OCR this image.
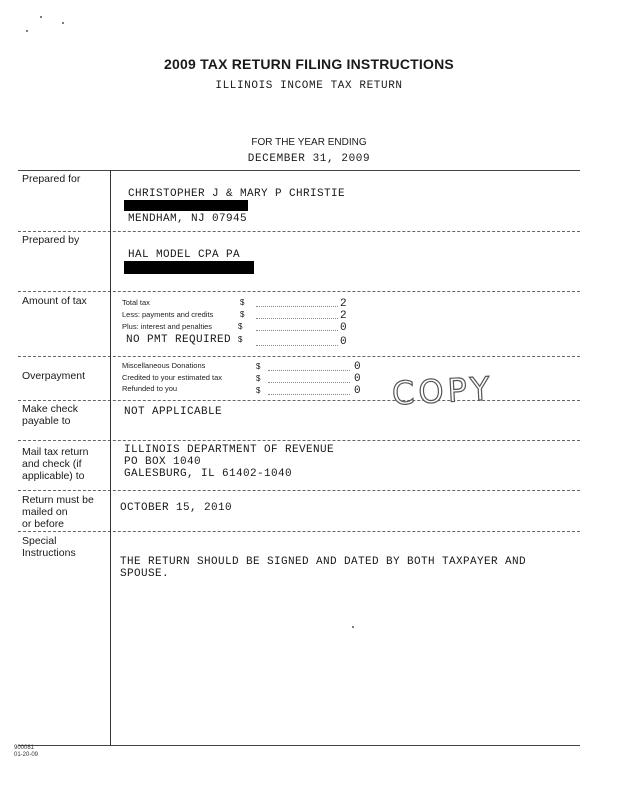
2009 TAX RETURN FILING INSTRUCTIONS
ILLINOIS INCOME TAX RETURN
FOR THE YEAR ENDING
DECEMBER 31, 2009
Prepared for
CHRISTOPHER J & MARY P CHRISTIE
MENDHAM, NJ 07945
Prepared by
HAL MODEL CPA PA
Amount of tax	Total tax	$	2
Less: payments and credits	$	2
Plus: interest and penalties	$	0
NO PMT REQUIRED $	0
Overpayment
Miscellaneous Donations	$	0
Credited to your estimated tax	$	0
Refunded to you	$	0 COPY
Make check
payable to
NOT APPLICABLE
Mail tax return
and check (if
applicable) to
ILLINOIS DEPARTMENT OF REVENUE
PO BOX 1040
GALESBURG, IL 61402-1040
Return must be
mailed on
or before
OCTOBER 15, 2010
Special
Instructions
THE RETURN SHOULD BE SIGNED AND DATED BY BOTH TAXPAYER AND
SPOUSE.
900081
01-20-09
